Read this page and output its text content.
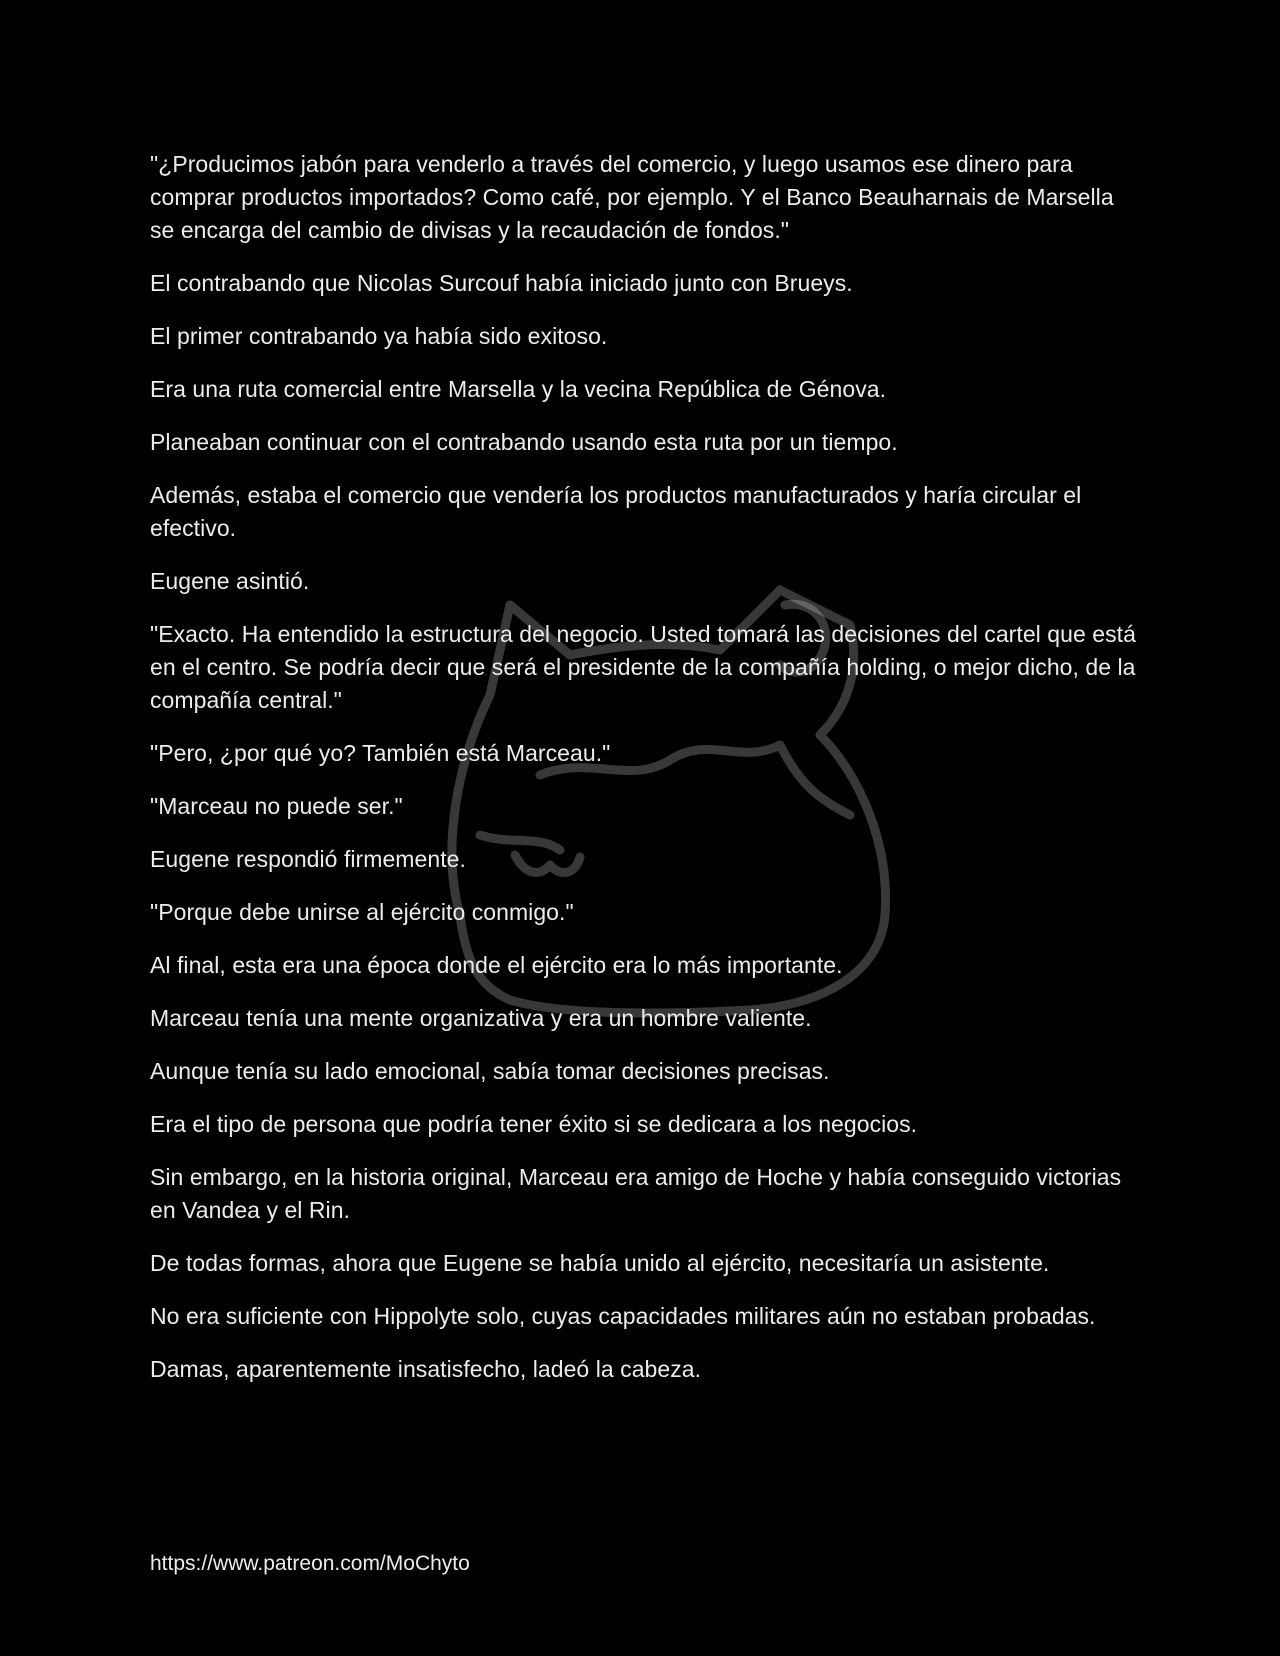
"¿Producimos jabón para venderlo a través del comercio, y luego usamos ese dinero para comprar productos importados? Como café, por ejemplo. Y el Banco Beauharnais de Marsella se encarga del cambio de divisas y la recaudación de fondos."

El contrabando que Nicolas Surcouf había iniciado junto con Brueys.

El primer contrabando ya había sido exitoso.

Era una ruta comercial entre Marsella y la vecina República de Génova.

Planeaban continuar con el contrabando usando esta ruta por un tiempo.

Además, estaba el comercio que vendería los productos manufacturados y haría circular el efectivo.

Eugene asintió.

"Exacto. Ha entendido la estructura del negocio. Usted tomará las decisiones del cartel que está en el centro. Se podría decir que será el presidente de la compañía holding, o mejor dicho, de la compañía central."

"Pero, ¿por qué yo? También está Marceau."

"Marceau no puede ser."

Eugene respondió firmemente.

"Porque debe unirse al ejército conmigo."

Al final, esta era una época donde el ejército era lo más importante.

Marceau tenía una mente organizativa y era un hombre valiente.

Aunque tenía su lado emocional, sabía tomar decisiones precisas.

Era el tipo de persona que podría tener éxito si se dedicara a los negocios.

Sin embargo, en la historia original, Marceau era amigo de Hoche y había conseguido victorias en Vandea y el Rin.

De todas formas, ahora que Eugene se había unido al ejército, necesitaría un asistente.

No era suficiente con Hippolyte solo, cuyas capacidades militares aún no estaban probadas.

Damas, aparentemente insatisfecho, ladeó la cabeza.

https://www.patreon.com/MoChyto
